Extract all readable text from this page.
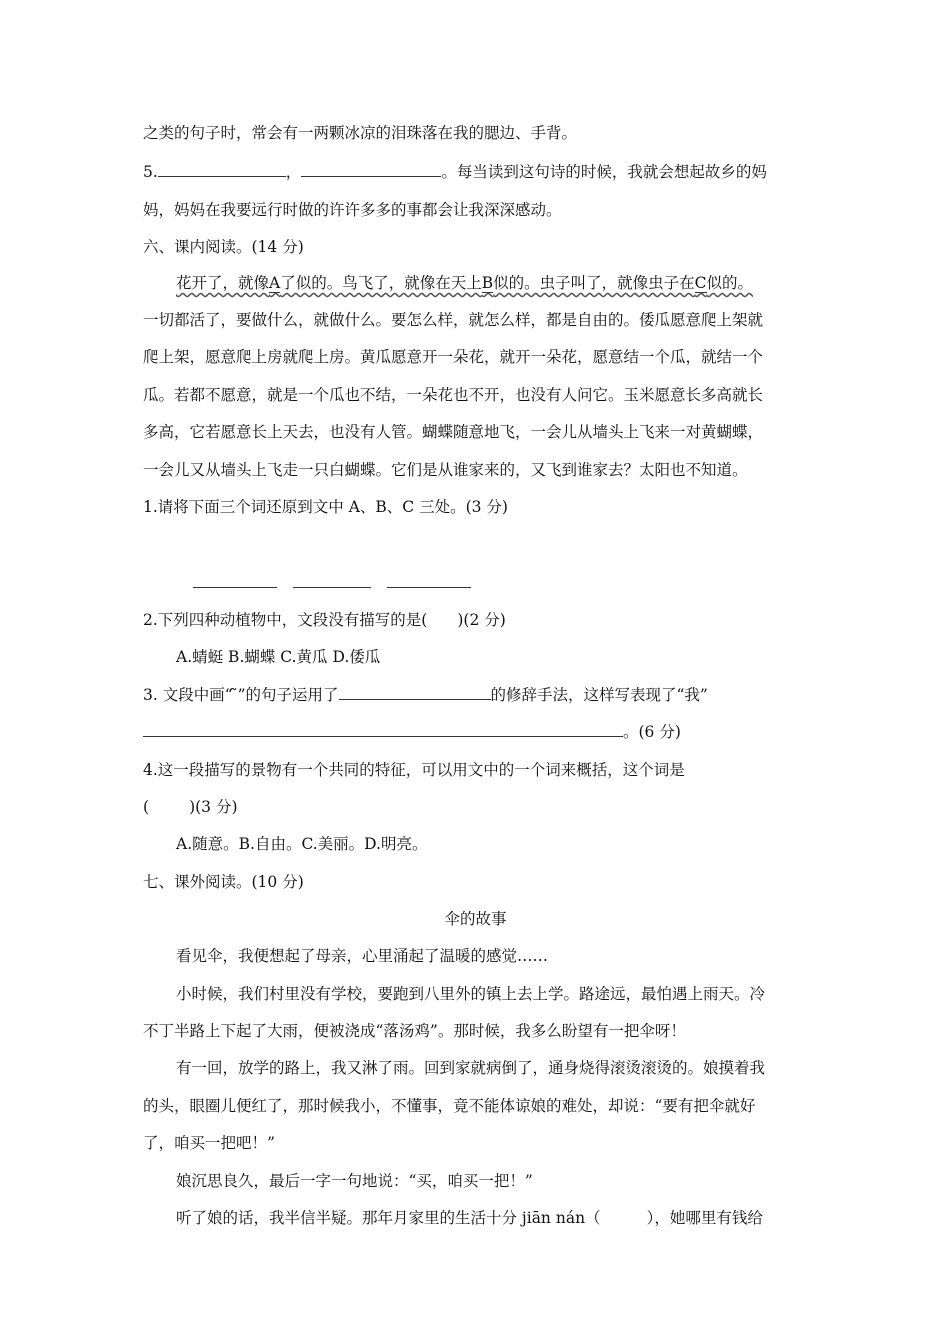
之类的句子时，常会有一两颗冰凉的泪珠落在我的腮边、手背。
5.	，	。每当读到这句诗的时候，我就会想起故乡的妈
妈，妈妈在我要远行时做的许许多多的事都会让我深深感动。
六、课内阅读。(14 分)
花开了，就像A了似的。鸟飞了，就像在天上B似的。虫子叫了，就像虫子在C似的。
一切都活了，要做什么，就做什么。要怎么样，就怎么样，都是自由的。倭瓜愿意爬上架就
爬上架，愿意爬上房就爬上房。黄瓜愿意开一朵花，就开一朵花，愿意结一个瓜，就结一个
瓜。若都不愿意，就是一个瓜也不结，一朵花也不开，也没有人问它。玉米愿意长多高就长
多高，它若愿意长上天去，也没有人管。蝴蝶随意地飞，一会儿从墙头上飞来一对黄蝴蝶，
一会儿又从墙头上飞走一只白蝴蝶。它们是从谁家来的，又飞到谁家去？太阳也不知道。
1.请将下面三个词还原到文中 A、B、C 三处。(3 分)
2.下列四种动植物中，文段没有描写的是( )(2 分)
A.蜻蜓 B.蝴蝶 C.黄瓜 D.倭瓜
3. 文段中画“ ̃”的句子运用了	的修辞手法，这样写表现了“我”
。(6 分)
4.这一段描写的景物有一个共同的特征，可以用文中的一个词来概括，这个词是
(	)(3 分)
A.随意。B.自由。C.美丽。D.明亮。
七、课外阅读。(10 分)
伞的故事
看见伞，我便想起了母亲，心里涌起了温暖的感觉……
小时候，我们村里没有学校，要跑到八里外的镇上去上学。路途远，最怕遇上雨天。冷
不丁半路上下起了大雨，便被浇成“落汤鸡”。那时候，我多么盼望有一把伞呀！
有一回，放学的路上，我又淋了雨。回到家就病倒了，通身烧得滚烫滚烫的。娘摸着我
的头，眼圈儿便红了，那时候我小，不懂事，竟不能体谅娘的难处，却说：“要有把伞就好
了，咱买一把吧！”
娘沉思良久，最后一字一句地说：“买，咱买一把！”
听了娘的话，我半信半疑。那年月家里的生活十分 jiān nán（	），她哪里有钱给
